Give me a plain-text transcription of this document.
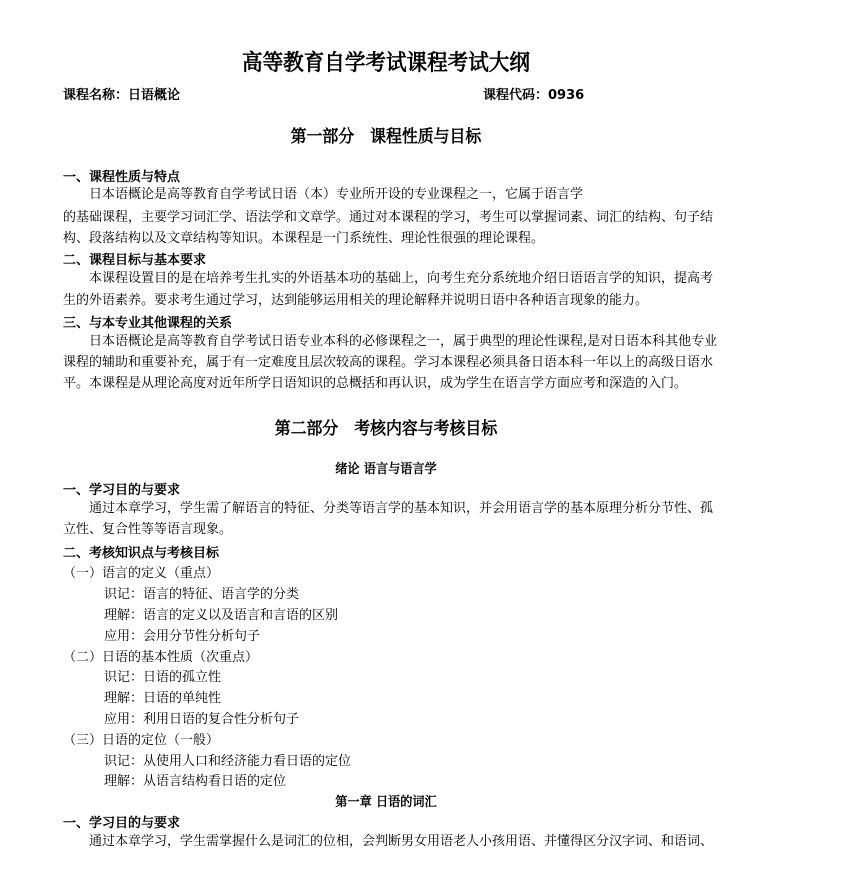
高等教育自学考试课程考试大纲
课程名称：日语概论	课程代码：0936
第一部分　课程性质与目标
一、课程性质与特点
日本语概论是高等教育自学考试日语（本）专业所开设的专业课程之一，它属于语言学
的基础课程，主要学习词汇学、语法学和文章学。通过对本课程的学习，考生可以掌握词素、词汇的结构、句子结
构、段落结构以及文章结构等知识。本课程是一门系统性、理论性很强的理论课程。
二、课程目标与基本要求
本课程设置目的是在培养考生扎实的外语基本功的基础上，向考生充分系统地介绍日语语言学的知识，提高考
生的外语素养。要求考生通过学习，达到能够运用相关的理论解释并说明日语中各种语言现象的能力。
三、与本专业其他课程的关系
日本语概论是高等教育自学考试日语专业本科的必修课程之一，属于典型的理论性课程,是对日语本科其他专业
课程的辅助和重要补充，属于有一定难度且层次较高的课程。学习本课程必须具备日语本科一年以上的高级日语水
平。本课程是从理论高度对近年所学日语知识的总概括和再认识，成为学生在语言学方面应考和深造的入门。
第二部分　考核内容与考核目标
绪论 语言与语言学
一、学习目的与要求
通过本章学习，学生需了解语言的特征、分类等语言学的基本知识，并会用语言学的基本原理分析分节性、孤
立性、复合性等等语言现象。
二、考核知识点与考核目标
（一）语言的定义（重点）
识记：语言的特征、语言学的分类
理解：语言的定义以及语言和言语的区别
应用：会用分节性分析句子
（二）日语的基本性质（次重点）
识记：日语的孤立性
理解：日语的单纯性
应用：利用日语的复合性分析句子
（三）日语的定位（一般）
识记：从使用人口和经济能力看日语的定位
理解：从语言结构看日语的定位
第一章 日语的词汇
一、学习目的与要求
通过本章学习，学生需掌握什么是词汇的位相，会判断男女用语老人小孩用语、并懂得区分汉字词、和语词、
